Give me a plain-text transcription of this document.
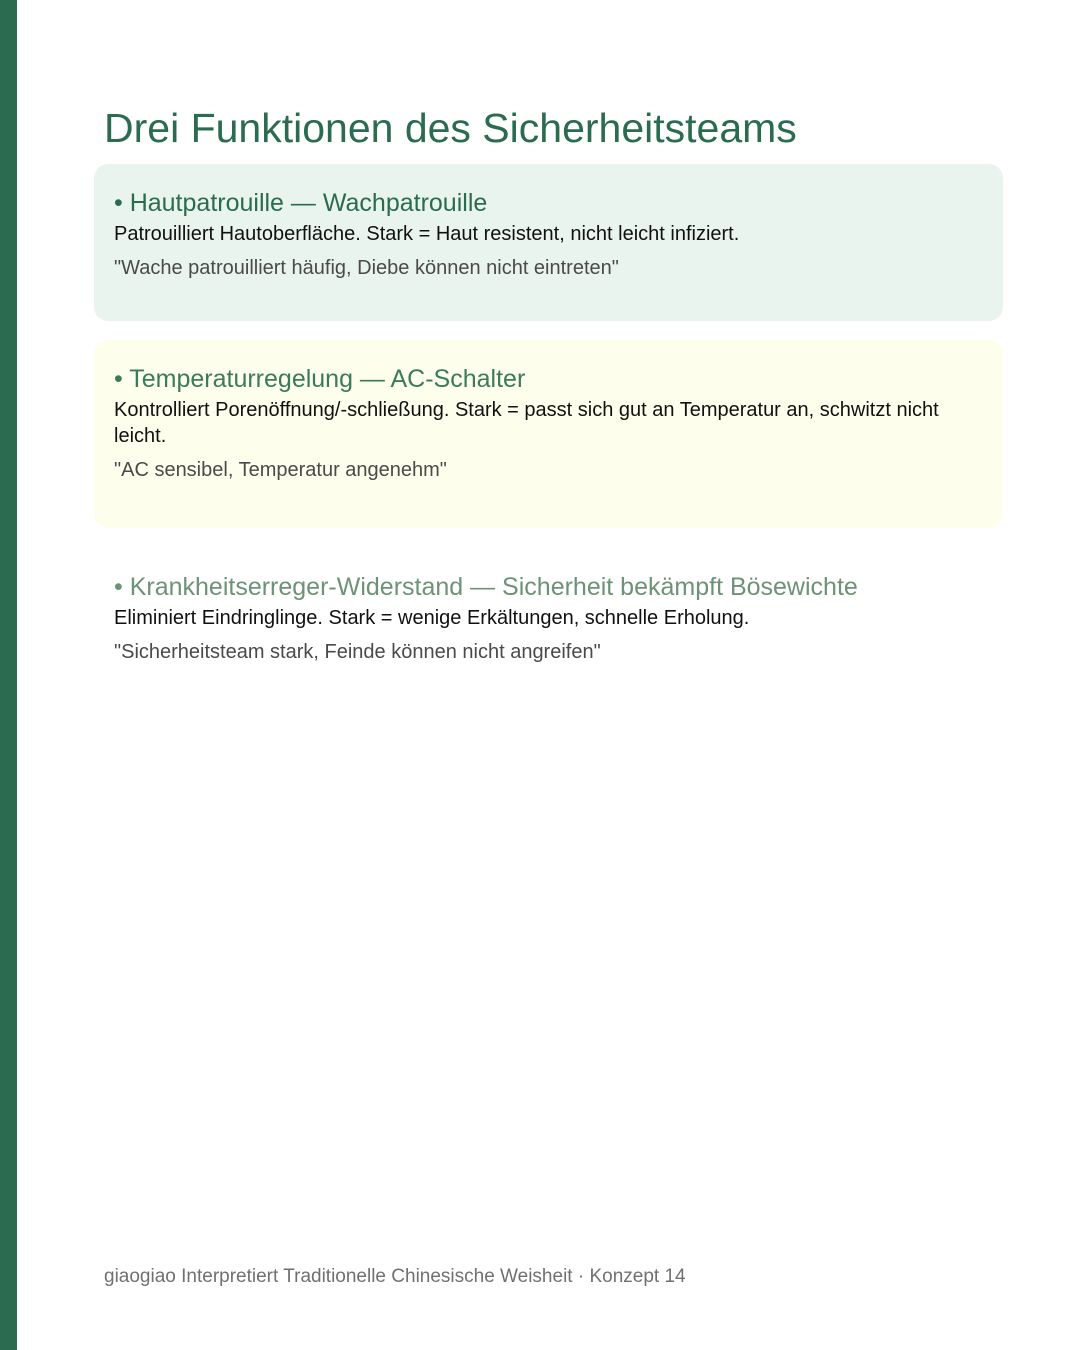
Drei Funktionen des Sicherheitsteams
• Hautpatrouille — Wachpatrouille

Patrouilliert Hautoberfläche. Stark = Haut resistent, nicht leicht infiziert.

"Wache patrouilliert häufig, Diebe können nicht eintreten"

• Temperaturregelung — AC-Schalter

Kontrolliert Porenöffnung/-schließung. Stark = passt sich gut an Temperatur an, schwitzt nicht leicht.

"AC sensibel, Temperatur angenehm"

• Krankheitserreger-Widerstand — Sicherheit bekämpft Bösewichte

Eliminiert Eindringlinge. Stark = wenige Erkältungen, schnelle Erholung.

"Sicherheitsteam stark, Feinde können nicht angreifen"

giaogiao Interpretiert Traditionelle Chinesische Weisheit · Konzept 14
